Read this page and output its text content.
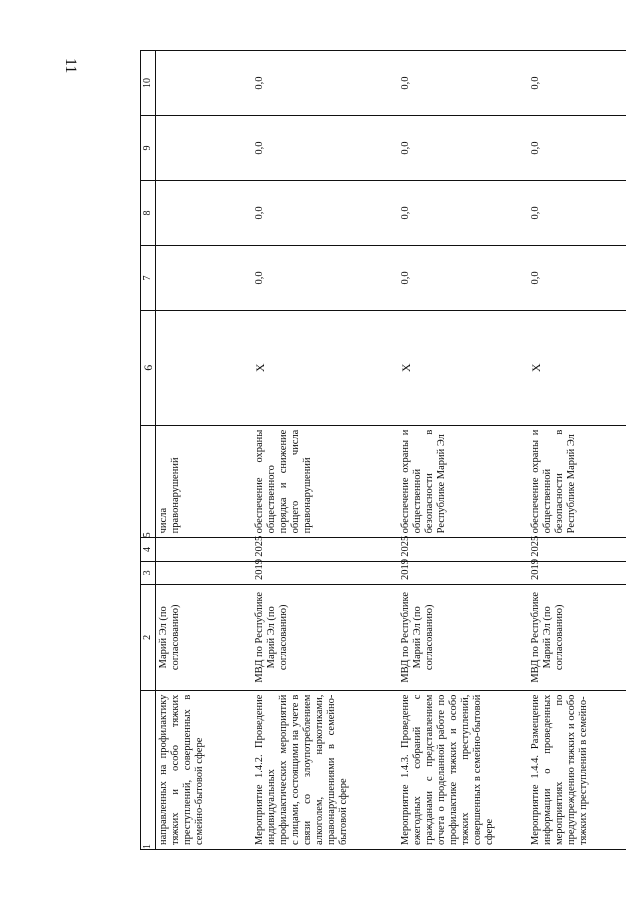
11
1	2	3	4	5	6	7	8	9	10
направленных на профилактику тяжких и особо тяжких преступлений, совершенных в семейно-бытовой сфере	Марий Эл (по согласованию)			числа правонарушений					
Мероприятие 1.4.2. Проведение индивидуальных профилактических мероприятий с лицами, состоящими на учете в связи со злоупотреблением алкоголем, наркотиками, правонарушениями в семейно-бытовой сфере	МВД по Республике Марий Эл (по согласованию)	2019	2025	обеспечение охраны общественного порядка и снижение общего числа правонарушений	X	0,0	0,0	0,0	0,0
Мероприятие 1.4.3. Проведение ежегодных собраний с гражданами с представлением отчета о проделанной работе по профилактике тяжких и особо тяжких преступлений, совершенных в семейно-бытовой сфере	МВД по Республике Марий Эл (по согласованию)	2019	2025	обеспечение охраны и общественной безопасности в Республике Марий Эл	X	0,0	0,0	0,0	0,0
Мероприятие 1.4.4. Размещение информации о проведенных мероприятиях по предупреждению тяжких и особо тяжких преступлений в семейно-	МВД по Республике Марий Эл (по согласованию)	2019	2025	обеспечение охраны и общественной безопасности в Республике Марий Эл	X	0,0	0,0	0,0	0,0
